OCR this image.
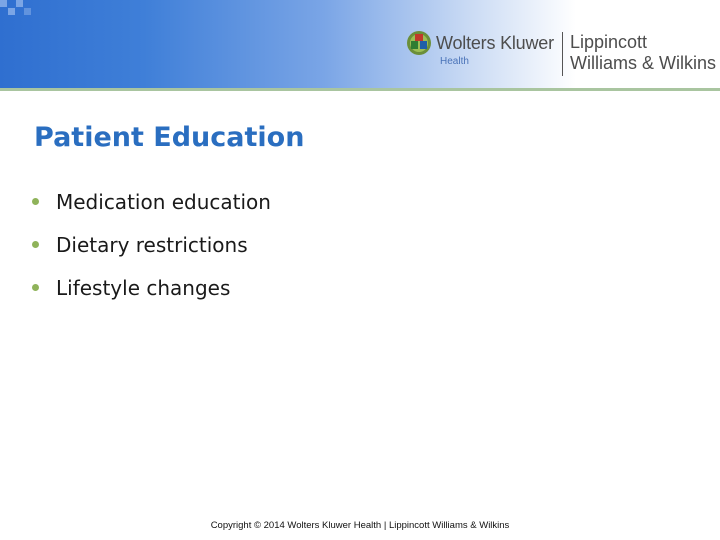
Wolters Kluwer
Health
Lippincott
Williams & Wilkins
Patient Education
Medication education
Dietary restrictions
Lifestyle changes
Copyright © 2014 Wolters Kluwer Health | Lippincott Williams & Wilkins
